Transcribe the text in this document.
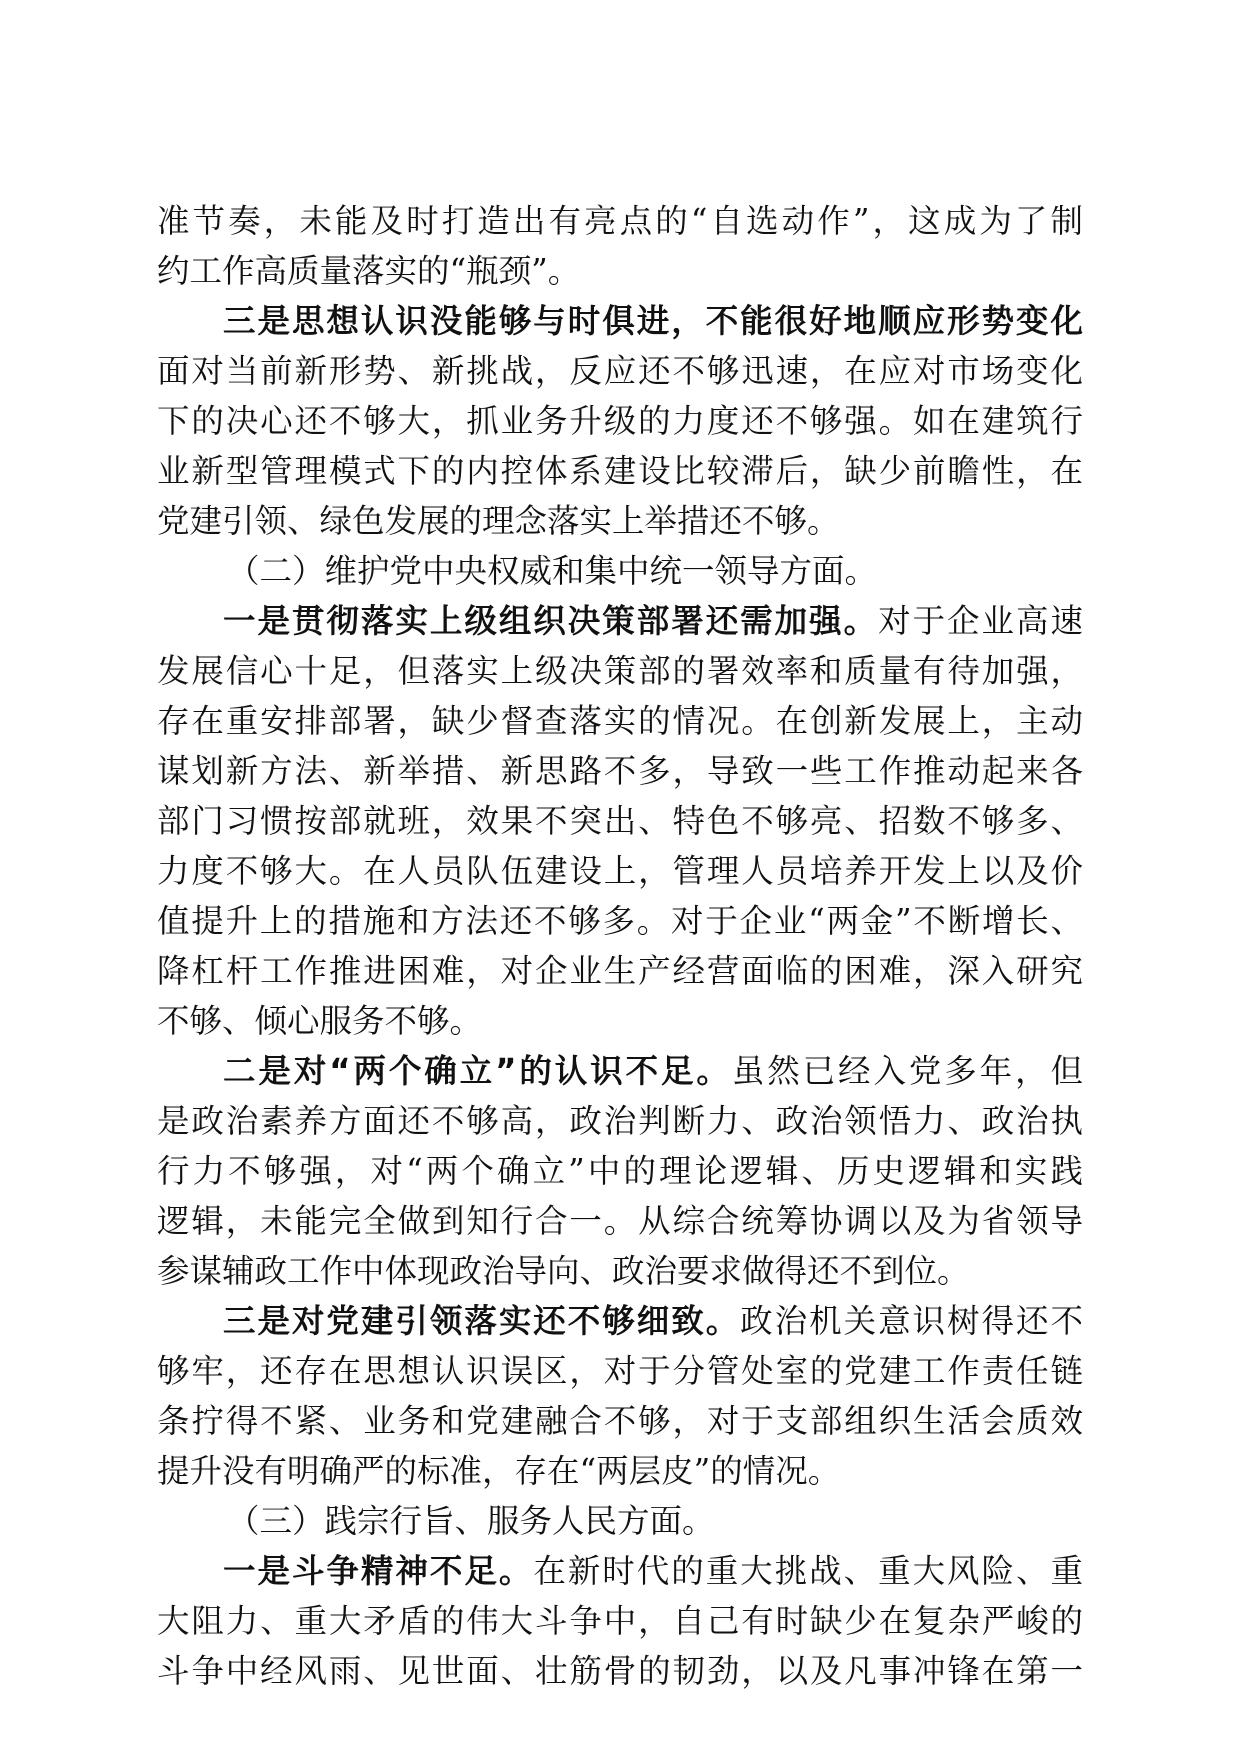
准节奏，未能及时打造出有亮点的“自选动作”，这成为了制
约工作高质量落实的“瓶颈”。
三是思想认识没能够与时俱进，不能很好地顺应形势变化
面对当前新形势、新挑战，反应还不够迅速，在应对市场变化
下的决心还不够大，抓业务升级的力度还不够强。如在建筑行
业新型管理模式下的内控体系建设比较滞后，缺少前瞻性，在
党建引领、绿色发展的理念落实上举措还不够。
（二）维护党中央权威和集中统一领导方面。
一是贯彻落实上级组织决策部署还需加强。对于企业高速
发展信心十足，但落实上级决策部的署效率和质量有待加强，
存在重安排部署，缺少督查落实的情况。在创新发展上，主动
谋划新方法、新举措、新思路不多，导致一些工作推动起来各
部门习惯按部就班，效果不突出、特色不够亮、招数不够多、
力度不够大。在人员队伍建设上，管理人员培养开发上以及价
值提升上的措施和方法还不够多。对于企业“两金”不断增长、
降杠杆工作推进困难，对企业生产经营面临的困难，深入研究
不够、倾心服务不够。
二是对“两个确立”的认识不足。虽然已经入党多年，但
是政治素养方面还不够高，政治判断力、政治领悟力、政治执
行力不够强，对“两个确立”中的理论逻辑、历史逻辑和实践
逻辑，未能完全做到知行合一。从综合统筹协调以及为省领导
参谋辅政工作中体现政治导向、政治要求做得还不到位。
三是对党建引领落实还不够细致。政治机关意识树得还不
够牢，还存在思想认识误区，对于分管处室的党建工作责任链
条拧得不紧、业务和党建融合不够，对于支部组织生活会质效
提升没有明确严的标准，存在“两层皮”的情况。
（三）践宗行旨、服务人民方面。
一是斗争精神不足。在新时代的重大挑战、重大风险、重
大阻力、重大矛盾的伟大斗争中，自己有时缺少在复杂严峻的
斗争中经风雨、见世面、壮筋骨的韧劲，以及凡事冲锋在第一
